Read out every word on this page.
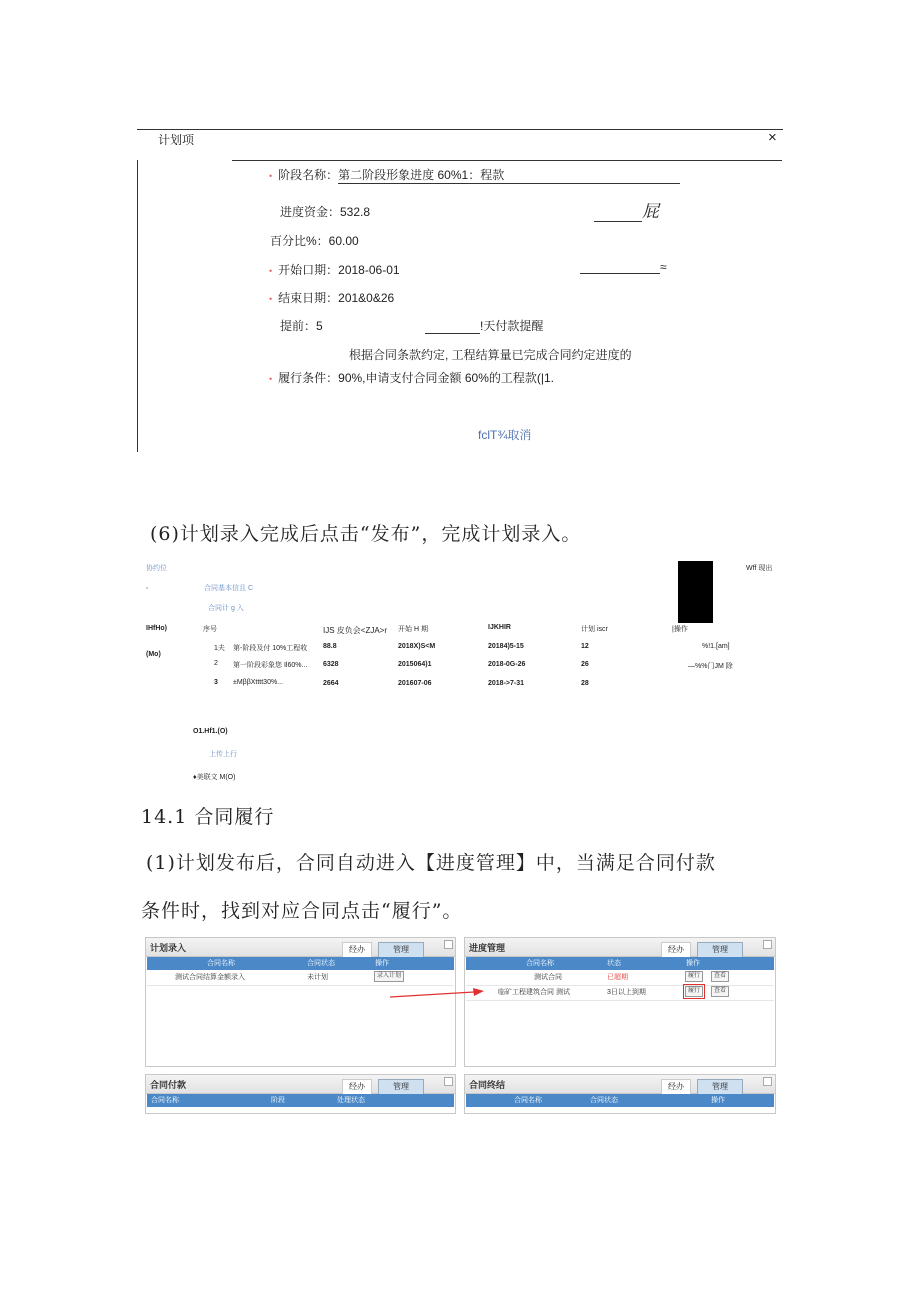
计划项	×
• 阶段名称：第二阶段形象进度 60%1：程款
进度资金：532.8	屁
百分比%：60.00
• 开始口期：2018-06-01	≈
• 结束日期：201&0&26
提前：5	!天付款提醒
根据合同条款约定, 工程结算量已完成合同约定进度的
• 履行条件：90%,申请支付合同金额 60%的工程款(|1.
fclT¾取消
(6)计划录入完成后点击“发布”，完成计划录入。
协约位	Wff 现出
,	合同基本信且 C
合同计 g 入
IHfHo)
(Mo)
序号	IJS 皮负会<ZJA>r 开始 H 期	IJKHIR	计划 iscr	|操作
1夫 第-阶段及付 10%工程收 88.8	2018X)S<M	20184)5-15	12	%!1.[am]
2 第一阶段彩象您 Il60%... 6328	2015064)1	2018-0G-26	26	—%%门JM 除
3 ±MββXtttt30%...	2664	201607-06	2018->7-31	28
O1.Hf1.(O)
上传上行
♦美联文 M(O)
14.1 合同履行
(1)计划发布后，合同自动进入【进度管理】中，当满足合同付款
条件时，找到对应合同点击“履行”。
计划录入	经办	管理
合同名称	合同状态	操作
测试合同结算金额录入	未计划	录入计划
进度管理	经办	管理
合同名称	状态	操作
测试合同	已超期	履行	查看
临矿工程建筑合同 测试	3日以上到期	履行	查看
合同付款	经办	管理
合同名称	阶段	处理状态
合同终结	经办	管理
合同名称	合同状态	操作
